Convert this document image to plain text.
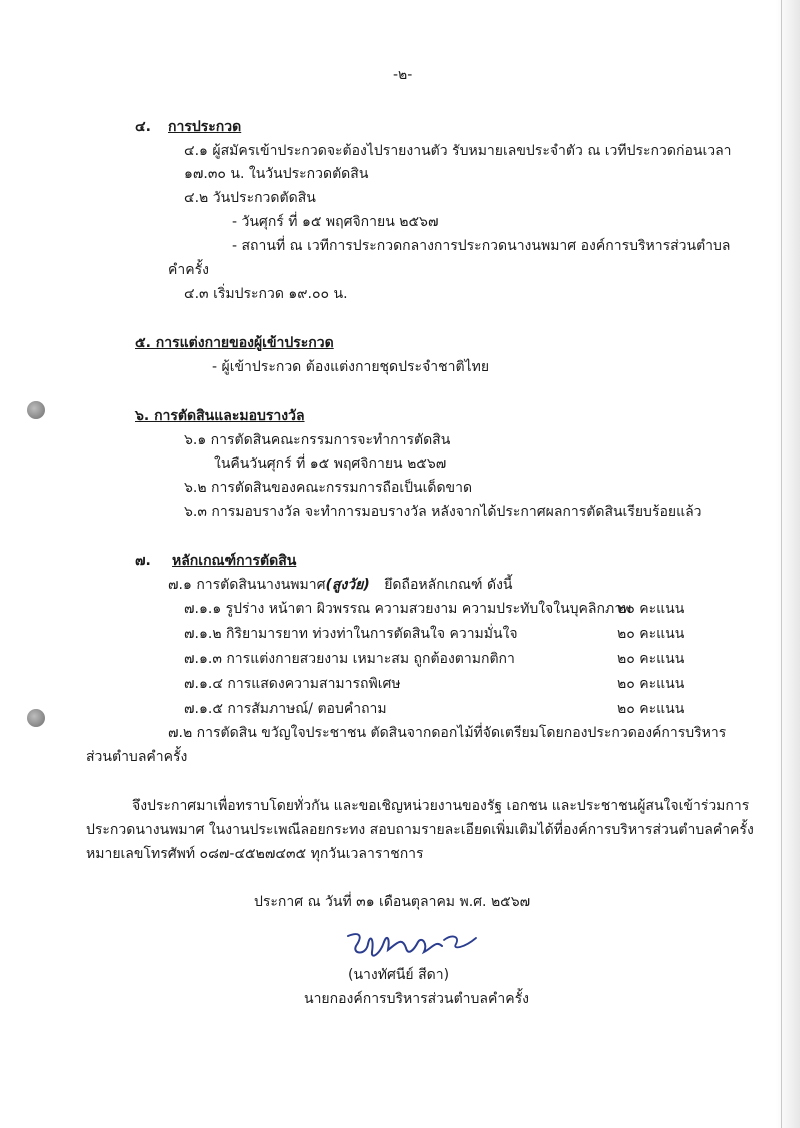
-๒-
๔. การประกวด
๔.๑ ผู้สมัครเข้าประกวดจะต้องไปรายงานตัว รับหมายเลขประจำตัว ณ เวทีประกวดก่อนเวลา
๑๗.๓๐ น. ในวันประกวดตัดสิน
๔.๒ วันประกวดตัดสิน
- วันศุกร์ ที่ ๑๕ พฤศจิกายน ๒๕๖๗
- สถานที่ ณ เวทีการประกวดกลางการประกวดนางนพมาศ องค์การบริหารส่วนตำบล
คำครั้ง
๔.๓ เริ่มประกวด ๑๙.๐๐ น.
๕. การแต่งกายของผู้เข้าประกวด
- ผู้เข้าประกวด ต้องแต่งกายชุดประจำชาติไทย
๖. การตัดสินและมอบรางวัล
๖.๑ การตัดสินคณะกรรมการจะทำการตัดสิน
ในคืนวันศุกร์ ที่ ๑๕ พฤศจิกายน ๒๕๖๗
๖.๒ การตัดสินของคณะกรรมการถือเป็นเด็ดขาด
๖.๓ การมอบรางวัล จะทำการมอบรางวัล หลังจากได้ประกาศผลการตัดสินเรียบร้อยแล้ว
๗. หลักเกณฑ์การตัดสิน
๗.๑ การตัดสินนางนพมาศ(สูงวัย) ยึดถือหลักเกณฑ์ ดังนี้
๗.๑.๑ รูปร่าง หน้าตา ผิวพรรณ ความสวยงาม ความประทับใจในบุคลิกภาพ
๒๐ คะแนน
๗.๑.๒ กิริยามารยาท ท่วงท่าในการตัดสินใจ ความมั่นใจ	๒๐ คะแนน
๗.๑.๓ การแต่งกายสวยงาม เหมาะสม ถูกต้องตามกติกา	๒๐ คะแนน
๗.๑.๔ การแสดงความสามารถพิเศษ	๒๐ คะแนน
๗.๑.๕ การสัมภาษณ์/ ตอบคำถาม	๒๐ คะแนน
๗.๒ การตัดสิน ขวัญใจประชาชน ตัดสินจากดอกไม้ที่จัดเตรียมโดยกองประกวดองค์การบริหาร
ส่วนตำบลคำครั้ง
จึงประกาศมาเพื่อทราบโดยทั่วกัน และขอเชิญหน่วยงานของรัฐ เอกชน และประชาชนผู้สนใจเข้าร่วมการ
ประกวดนางนพมาศ ในงานประเพณีลอยกระทง สอบถามรายละเอียดเพิ่มเติมได้ที่องค์การบริหารส่วนตำบลคำครั้ง
หมายเลขโทรศัพท์ ๐๘๗-๔๕๒๗๔๓๕ ทุกวันเวลาราชการ
ประกาศ ณ วันที่ ๓๑ เดือนตุลาคม พ.ศ. ๒๕๖๗
(นางทัศนีย์ สีดา)
นายกองค์การบริหารส่วนตำบลคำครั้ง
